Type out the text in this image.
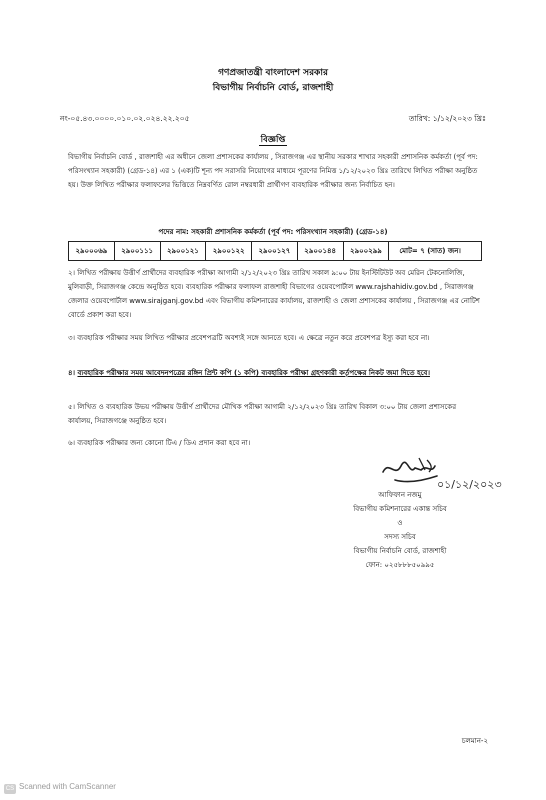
গণপ্রজাতন্ত্রী বাংলাদেশ সরকার
বিভাগীয় নির্বাচনি বোর্ড, রাজশাহী
নং-০৫.৪৩.০০০০.০১০.০২.০২৪.২২.২০৫	তারিখ: ১/১২/২০২৩ খ্রিঃ
বিজ্ঞপ্তি
বিভাগীয় নির্বাচনি বোর্ড , রাজশাহী এর অধীনে জেলা প্রশাসকের কার্যালয় , সিরাজগঞ্জ এর স্থানীয় সরকার শাখার সহকারী প্রশাসনিক কর্মকর্তা (পূর্ব পদ: পরিসংখ্যান সহকারী) (গ্রেড-১৪) এর ১ (এক)টি শূন্য পদ সরাসরি নিয়োগের মাধ্যমে পূরণের নিমিত্ত ১/১২/২০২৩ খ্রিঃ তারিখে লিখিত পরীক্ষা অনুষ্ঠিত হয়। উক্ত লিখিত পরীক্ষার ফলাফলের ভিত্তিতে নিম্নবর্ণিত রোল নম্বরধারী প্রার্থীগণ ব্যবহারিক পরীক্ষার জন্য নির্বাচিত হন।
পদের নাম: সহকারী প্রশাসনিক কর্মকর্তা (পূর্ব পদ: পরিসংখ্যান সহকারী) (গ্রেড-১৪)
২৯০০০৬৯	২৯০০১১১	২৯০০১২১	২৯০০১২২	২৯০০১২৭	২৯০০১৪৪	২৯০০২৯৯	মোট= ৭ (সাত) জন।
২। লিখিত পরীক্ষায় উত্তীর্ণ প্রার্থীদের ব্যবহারিক পরীক্ষা আগামী ২/১২/২০২৩ খ্রিঃ তারিখ সকাল ৯:০০ টায় ইনস্টিটিউট অব মেরিন টেকনোলিজি, মুলিবাড়ী, সিরাজগঞ্জ কেন্দ্রে অনুষ্ঠিত হবে। ব্যবহারিক পরীক্ষার ফলাফল রাজশাহী বিভাগের ওয়েবপোর্টাল www.rajshahidiv.gov.bd , সিরাজগঞ্জ জেলার ওয়েবপোর্টাল www.sirajganj.gov.bd এবং বিভাগীয় কমিশনারের কার্যালয়, রাজশাহী ও জেলা প্রশাসকের কার্যালয় , সিরাজগঞ্জ এর নোটিশ বোর্ডে প্রকাশ করা হবে।
৩। ব্যবহারিক পরীক্ষার সময় লিখিত পরীক্ষার প্রবেশপত্রটি অবশ্যই সঙ্গে আনতে হবে। এ ক্ষেত্রে নতুন করে প্রবেশপত্র ইস্যু করা হবে না।
৪। ব্যবহারিক পরীক্ষার সময় আবেদনপত্রের রঙ্গিন প্রিন্ট কপি (১ কপি) ব্যবহারিক পরীক্ষা গ্রহণকারী কর্তৃপক্ষের নিকট জমা দিতে হবে।
৫। লিখিত ও ব্যবহারিক উভয় পরীক্ষায় উত্তীর্ণ প্রার্থীদের মৌখিক পরীক্ষা আগামী ২/১২/২০২৩ খ্রিঃ তারিখ বিকাল ৩:০০ টায় জেলা প্রশাসকের কার্যালয়, সিরাজগঞ্জে অনুষ্ঠিত হবে।
৬। ব্যবহারিক পরীক্ষার জন্য কোনো টিএ / ডিএ প্রদান করা হবে না।
০১/১২/২০২৩
আফিফান নজমু
বিভাগীয় কমিশনারের একান্ত সচিব
ও
সদস্য সচিব
বিভাগীয় নির্বাচনি বোর্ড, রাজশাহী
ফোন: ০২৫৮৮৮৫০৯৯৫
চলমান-২
CS Scanned with CamScanner
